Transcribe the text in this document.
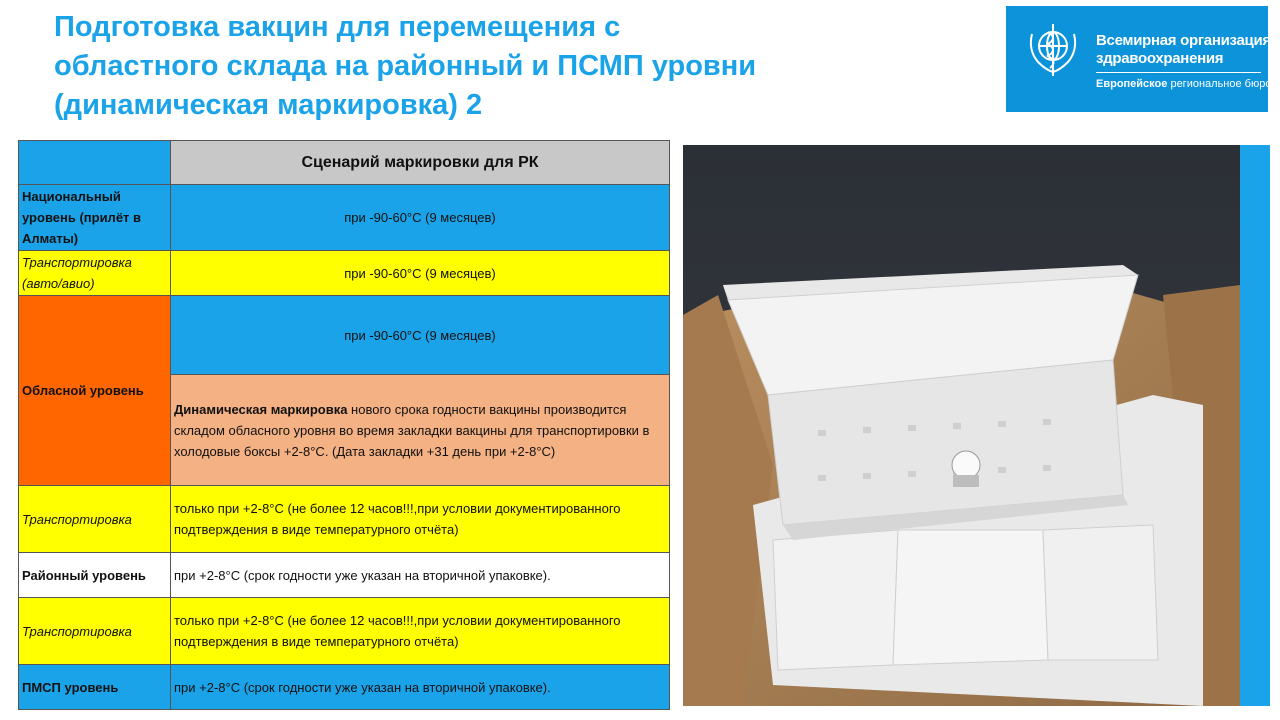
Подготовка вакцин для перемещения с
областного склада на районный и ПСМП уровни
(динамическая маркировка) 2
Всемирная организация
здравоохранения
Европейское региональное бюро
	Сценарий маркировки для РК
Национальный уровень (прилёт в Алматы)	при -90-60°C (9 месяцев)
Транспортировка (авто/авио)	при -90-60°C (9 месяцев)
Обласной уровень	при -90-60°C (9 месяцев)
	Динамическая маркировка нового срока годности вакцины производится складом обласного уровня во время закладки вакцины для транспортировки в холодовые боксы +2-8°C. (Дата закладки +31 день при +2-8°C)
Транспортировка	только при +2-8°C (не более 12 часов!!!,при условии документированного подтверждения в виде температурного отчёта)
Районный уровень	при +2-8°C (срок годности уже указан на вторичной упаковке).
Транспортировка	только при +2-8°C (не более 12 часов!!!,при условии документированного подтверждения в виде температурного отчёта)
ПМСП уровень	при +2-8°C (срок годности уже указан на вторичной упаковке).
